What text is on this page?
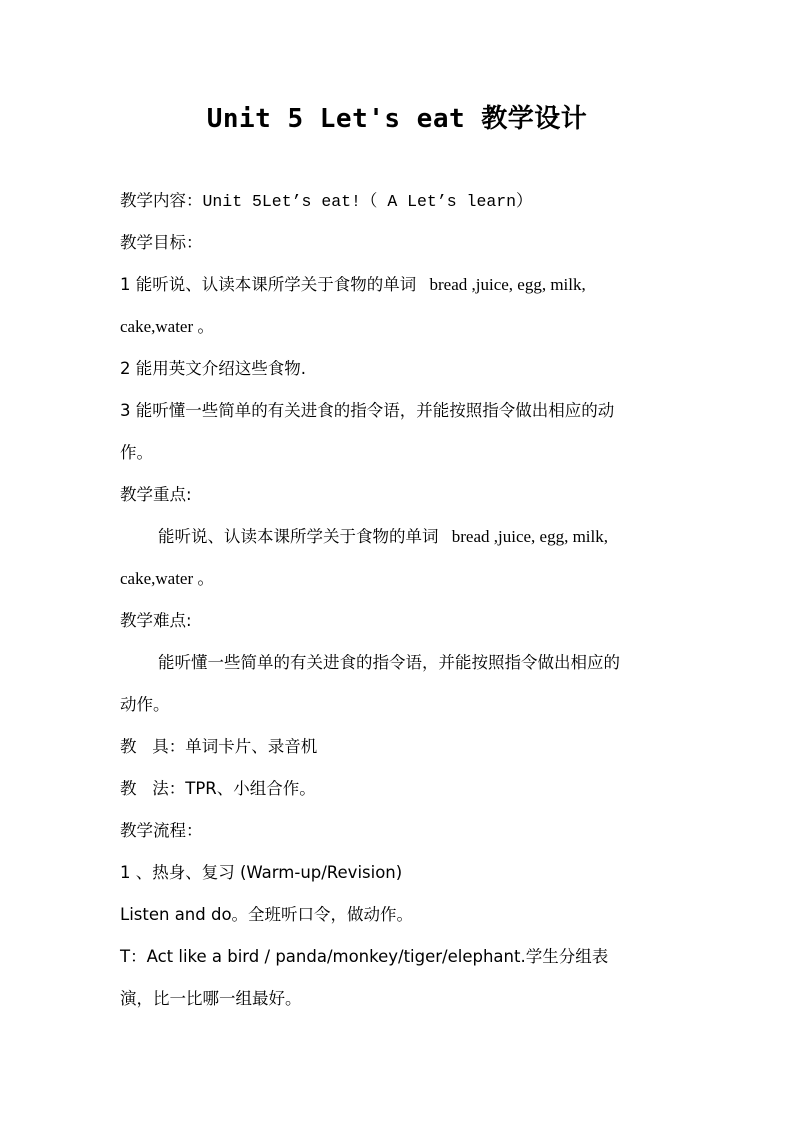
Unit 5 Let's eat 教学设计
教学内容：Unit 5Let’s eat!（ A Let’s learn）
教学目标：
1 能听说、认读本课所学关于食物的单词 bread ,juice, egg, milk,
cake,water 。
2 能用英文介绍这些食物.
3 能听懂一些简单的有关进食的指令语，并能按照指令做出相应的动
作。
教学重点:
能听说、认读本课所学关于食物的单词 bread ,juice, egg, milk,
cake,water 。
教学难点:
能听懂一些简单的有关进食的指令语，并能按照指令做出相应的
动作。
教   具：单词卡片、录音机
教   法：TPR、小组合作。
教学流程：
1 、热身、复习 (Warm-up/Revision)
Listen and do。全班听口令，做动作。
T：Act like a bird / panda/monkey/tiger/elephant.学生分组表
演，比一比哪一组最好。
